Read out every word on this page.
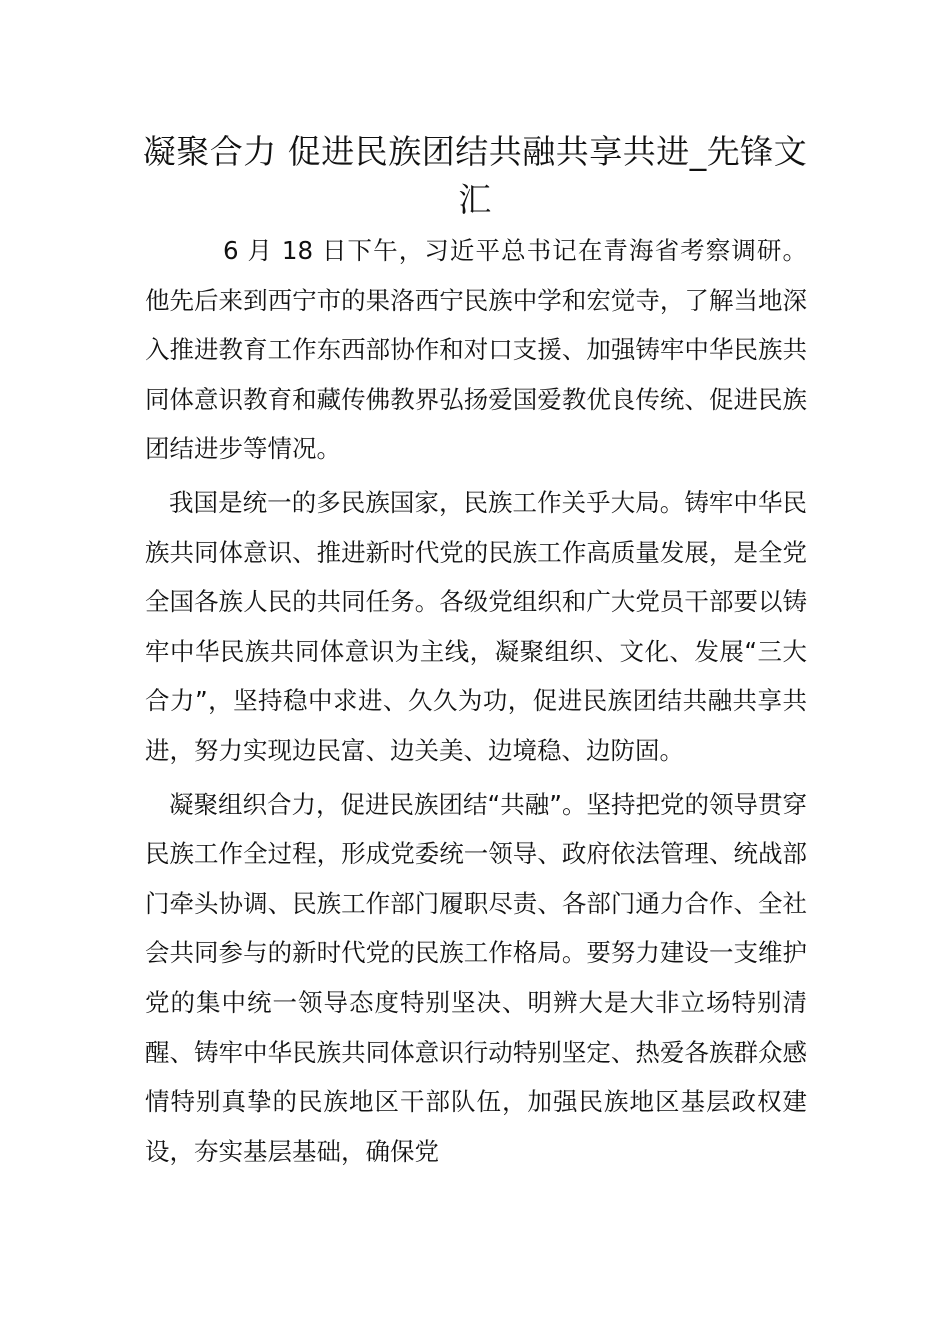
凝聚合力 促进民族团结共融共享共进_先锋文汇

6 月 18 日下午，习近平总书记在青海省考察调研。他先后来到西宁市的果洛西宁民族中学和宏觉寺，了解当地深入推进教育工作东西部协作和对口支援、加强铸牢中华民族共同体意识教育和藏传佛教界弘扬爱国爱教优良传统、促进民族团结进步等情况。

我国是统一的多民族国家，民族工作关乎大局。铸牢中华民族共同体意识、推进新时代党的民族工作高质量发展，是全党全国各族人民的共同任务。各级党组织和广大党员干部要以铸牢中华民族共同体意识为主线，凝聚组织、文化、发展“三大合力”，坚持稳中求进、久久为功，促进民族团结共融共享共进，努力实现边民富、边关美、边境稳、边防固。

凝聚组织合力，促进民族团结“共融”。坚持把党的领导贯穿民族工作全过程，形成党委统一领导、政府依法管理、统战部门牵头协调、民族工作部门履职尽责、各部门通力合作、全社会共同参与的新时代党的民族工作格局。要努力建设一支维护党的集中统一领导态度特别坚决、明辨大是大非立场特别清醒、铸牢中华民族共同体意识行动特别坚定、热爱各族群众感情特别真挚的民族地区干部队伍，加强民族地区基层政权建设，夯实基层基础，确保党
